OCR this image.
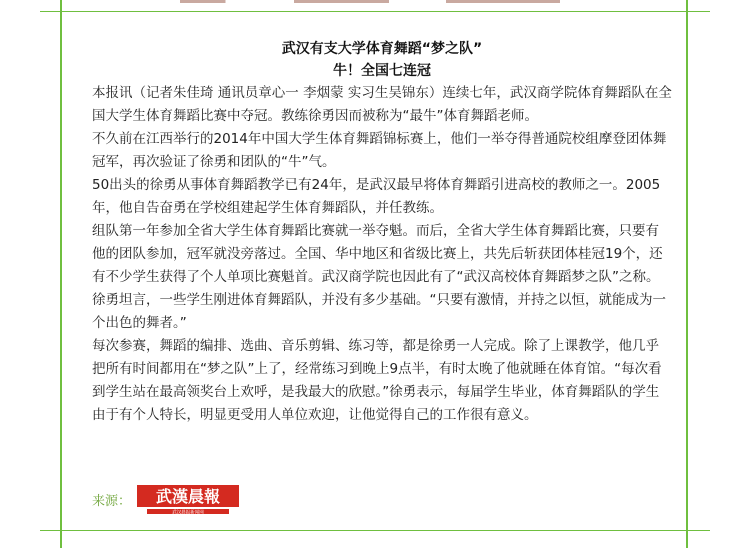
武汉有支大学体育舞蹈“梦之队”
牛！全国七连冠

本报讯（记者朱佳琦 通讯员章心一 李烟蒙 实习生吴锦东）连续七年，武汉商学院体育舞蹈队在全国大学生体育舞蹈比赛中夺冠。教练徐勇因而被称为“最牛”体育舞蹈老师。

不久前在江西举行的2014年中国大学生体育舞蹈锦标赛上，他们一举夺得普通院校组摩登团体舞冠军，再次验证了徐勇和团队的“牛”气。

50出头的徐勇从事体育舞蹈教学已有24年，是武汉最早将体育舞蹈引进高校的教师之一。2005年，他自告奋勇在学校组建起学生体育舞蹈队，并任教练。

组队第一年参加全省大学生体育舞蹈比赛就一举夺魁。而后，全省大学生体育舞蹈比赛，只要有他的团队参加，冠军就没旁落过。全国、华中地区和省级比赛上，共先后斩获团体桂冠19个，还有不少学生获得了个人单项比赛魁首。武汉商学院也因此有了“武汉高校体育舞蹈梦之队”之称。

徐勇坦言，一些学生刚进体育舞蹈队，并没有多少基础。“只要有激情，并持之以恒，就能成为一个出色的舞者。”

每次参赛，舞蹈的编排、选曲、音乐剪辑、练习等，都是徐勇一人完成。除了上课教学，他几乎把所有时间都用在“梦之队”上了，经常练习到晚上9点半，有时太晚了他就睡在体育馆。“每次看到学生站在最高领奖台上欢呼，是我最大的欣慰。”徐勇表示，每届学生毕业，体育舞蹈队的学生由于有个人特长，明显更受用人单位欢迎，让他觉得自己的工作很有意义。

来源： 武漢晨報
武汉晨报新闻网
